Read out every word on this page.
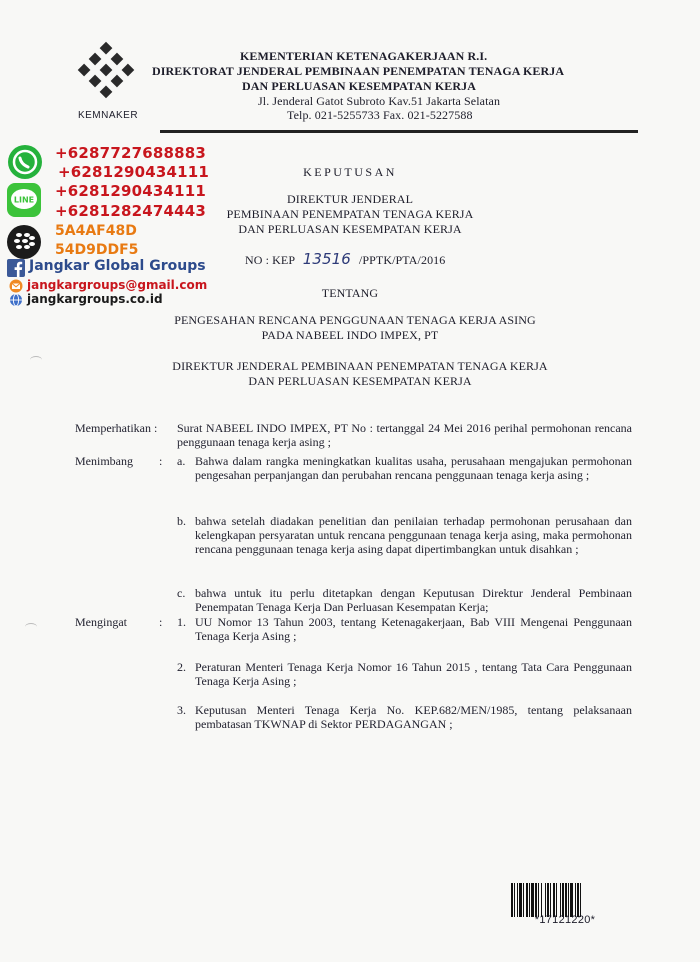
KEMNAKER
KEMENTERIAN KETENAGAKERJAAN R.I.
DIREKTORAT JENDERAL PEMBINAAN PENEMPATAN TENAGA KERJA
DAN PERLUASAN KESEMPATAN KERJA
Jl. Jenderal Gatot Subroto Kav.51 Jakarta Selatan
Telp. 021-5255733 Fax. 021-5227588
LINE
+6287727688883
+6281290434111
+6281290434111
+6281282474443
5A4AF48D
54D9DDF5
Jangkar Global Groups
jangkargroups@gmail.com
jangkargroups.co.id
KEPUTUSAN
DIREKTUR JENDERAL
PEMBINAAN PENEMPATAN TENAGA KERJA
DAN PERLUASAN KESEMPATAN KERJA
NO : KEP 13516 /PPTK/PTA/2016
TENTANG
PENGESAHAN RENCANA PENGGUNAAN TENAGA KERJA ASING
PADA NABEEL INDO IMPEX, PT
DIREKTUR JENDERAL PEMBINAAN PENEMPATAN TENAGA KERJA
DAN PERLUASAN KESEMPATAN KERJA
Memperhatikan : Surat NABEEL INDO IMPEX, PT No : tertanggal 24 Mei 2016 perihal permohonan rencana penggunaan tenaga kerja asing ;
Menimbang : a. Bahwa dalam rangka meningkatkan kualitas usaha, perusahaan mengajukan permohonan pengesahan perpanjangan dan perubahan rencana penggunaan tenaga kerja asing ;
b. bahwa setelah diadakan penelitian dan penilaian terhadap permohonan perusahaan dan kelengkapan persyaratan untuk rencana penggunaan tenaga kerja asing, maka permohonan rencana penggunaan tenaga kerja asing dapat dipertimbangkan untuk disahkan ;
c. bahwa untuk itu perlu ditetapkan dengan Keputusan Direktur Jenderal Pembinaan Penempatan Tenaga Kerja Dan Perluasan Kesempatan Kerja;
Mengingat	: 1. UU Nomor 13 Tahun 2003, tentang Ketenagakerjaan, Bab VIII Mengenai Penggunaan Tenaga Kerja Asing ;
2. Peraturan Menteri Tenaga Kerja Nomor 16 Tahun 2015 , tentang Tata Cara Penggunaan Tenaga Kerja Asing ;
3. Keputusan Menteri Tenaga Kerja No. KEP.682/MEN/1985, tentang pelaksanaan pembatasan TKWNAP di Sektor PERDAGANGAN ;
*17121220*
